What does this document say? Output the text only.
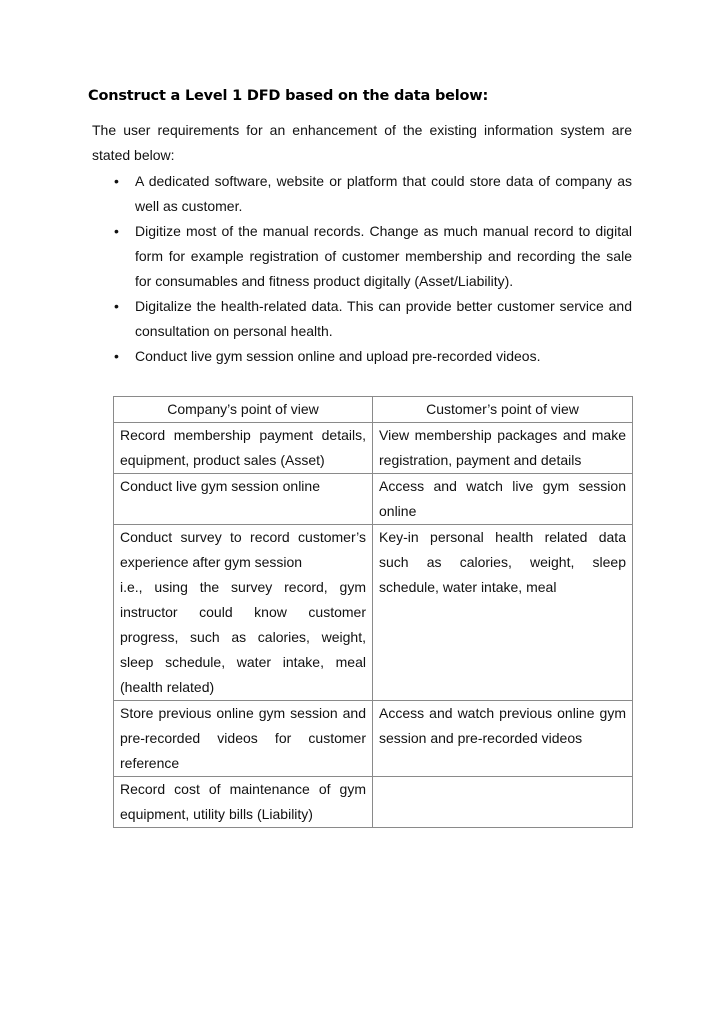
Construct a Level 1 DFD based on the data below:

The user requirements for an enhancement of the existing information system are stated below:

• A dedicated software, website or platform that could store data of company as well as customer.
• Digitize most of the manual records. Change as much manual record to digital form for example registration of customer membership and recording the sale for consumables and fitness product digitally (Asset/Liability).
• Digitalize the health-related data. This can provide better customer service and consultation on personal health.
• Conduct live gym session online and upload pre-recorded videos.
Company’s point of view	Customer’s point of view

Record membership payment details, equipment, product sales (Asset)	View membership packages and make registration, payment and details

Conduct live gym session online	Access and watch live gym session online

Conduct survey to record customer’s experience after gym session
i.e., using the survey record, gym instructor could know customer progress, such as calories, weight, sleep schedule, water intake, meal (health related)	Key-in personal health related data such as calories, weight, sleep schedule, water intake, meal

Store previous online gym session and pre-recorded videos for customer reference	Access and watch previous online gym session and pre-recorded videos

Record cost of maintenance of gym equipment, utility bills (Liability)	
